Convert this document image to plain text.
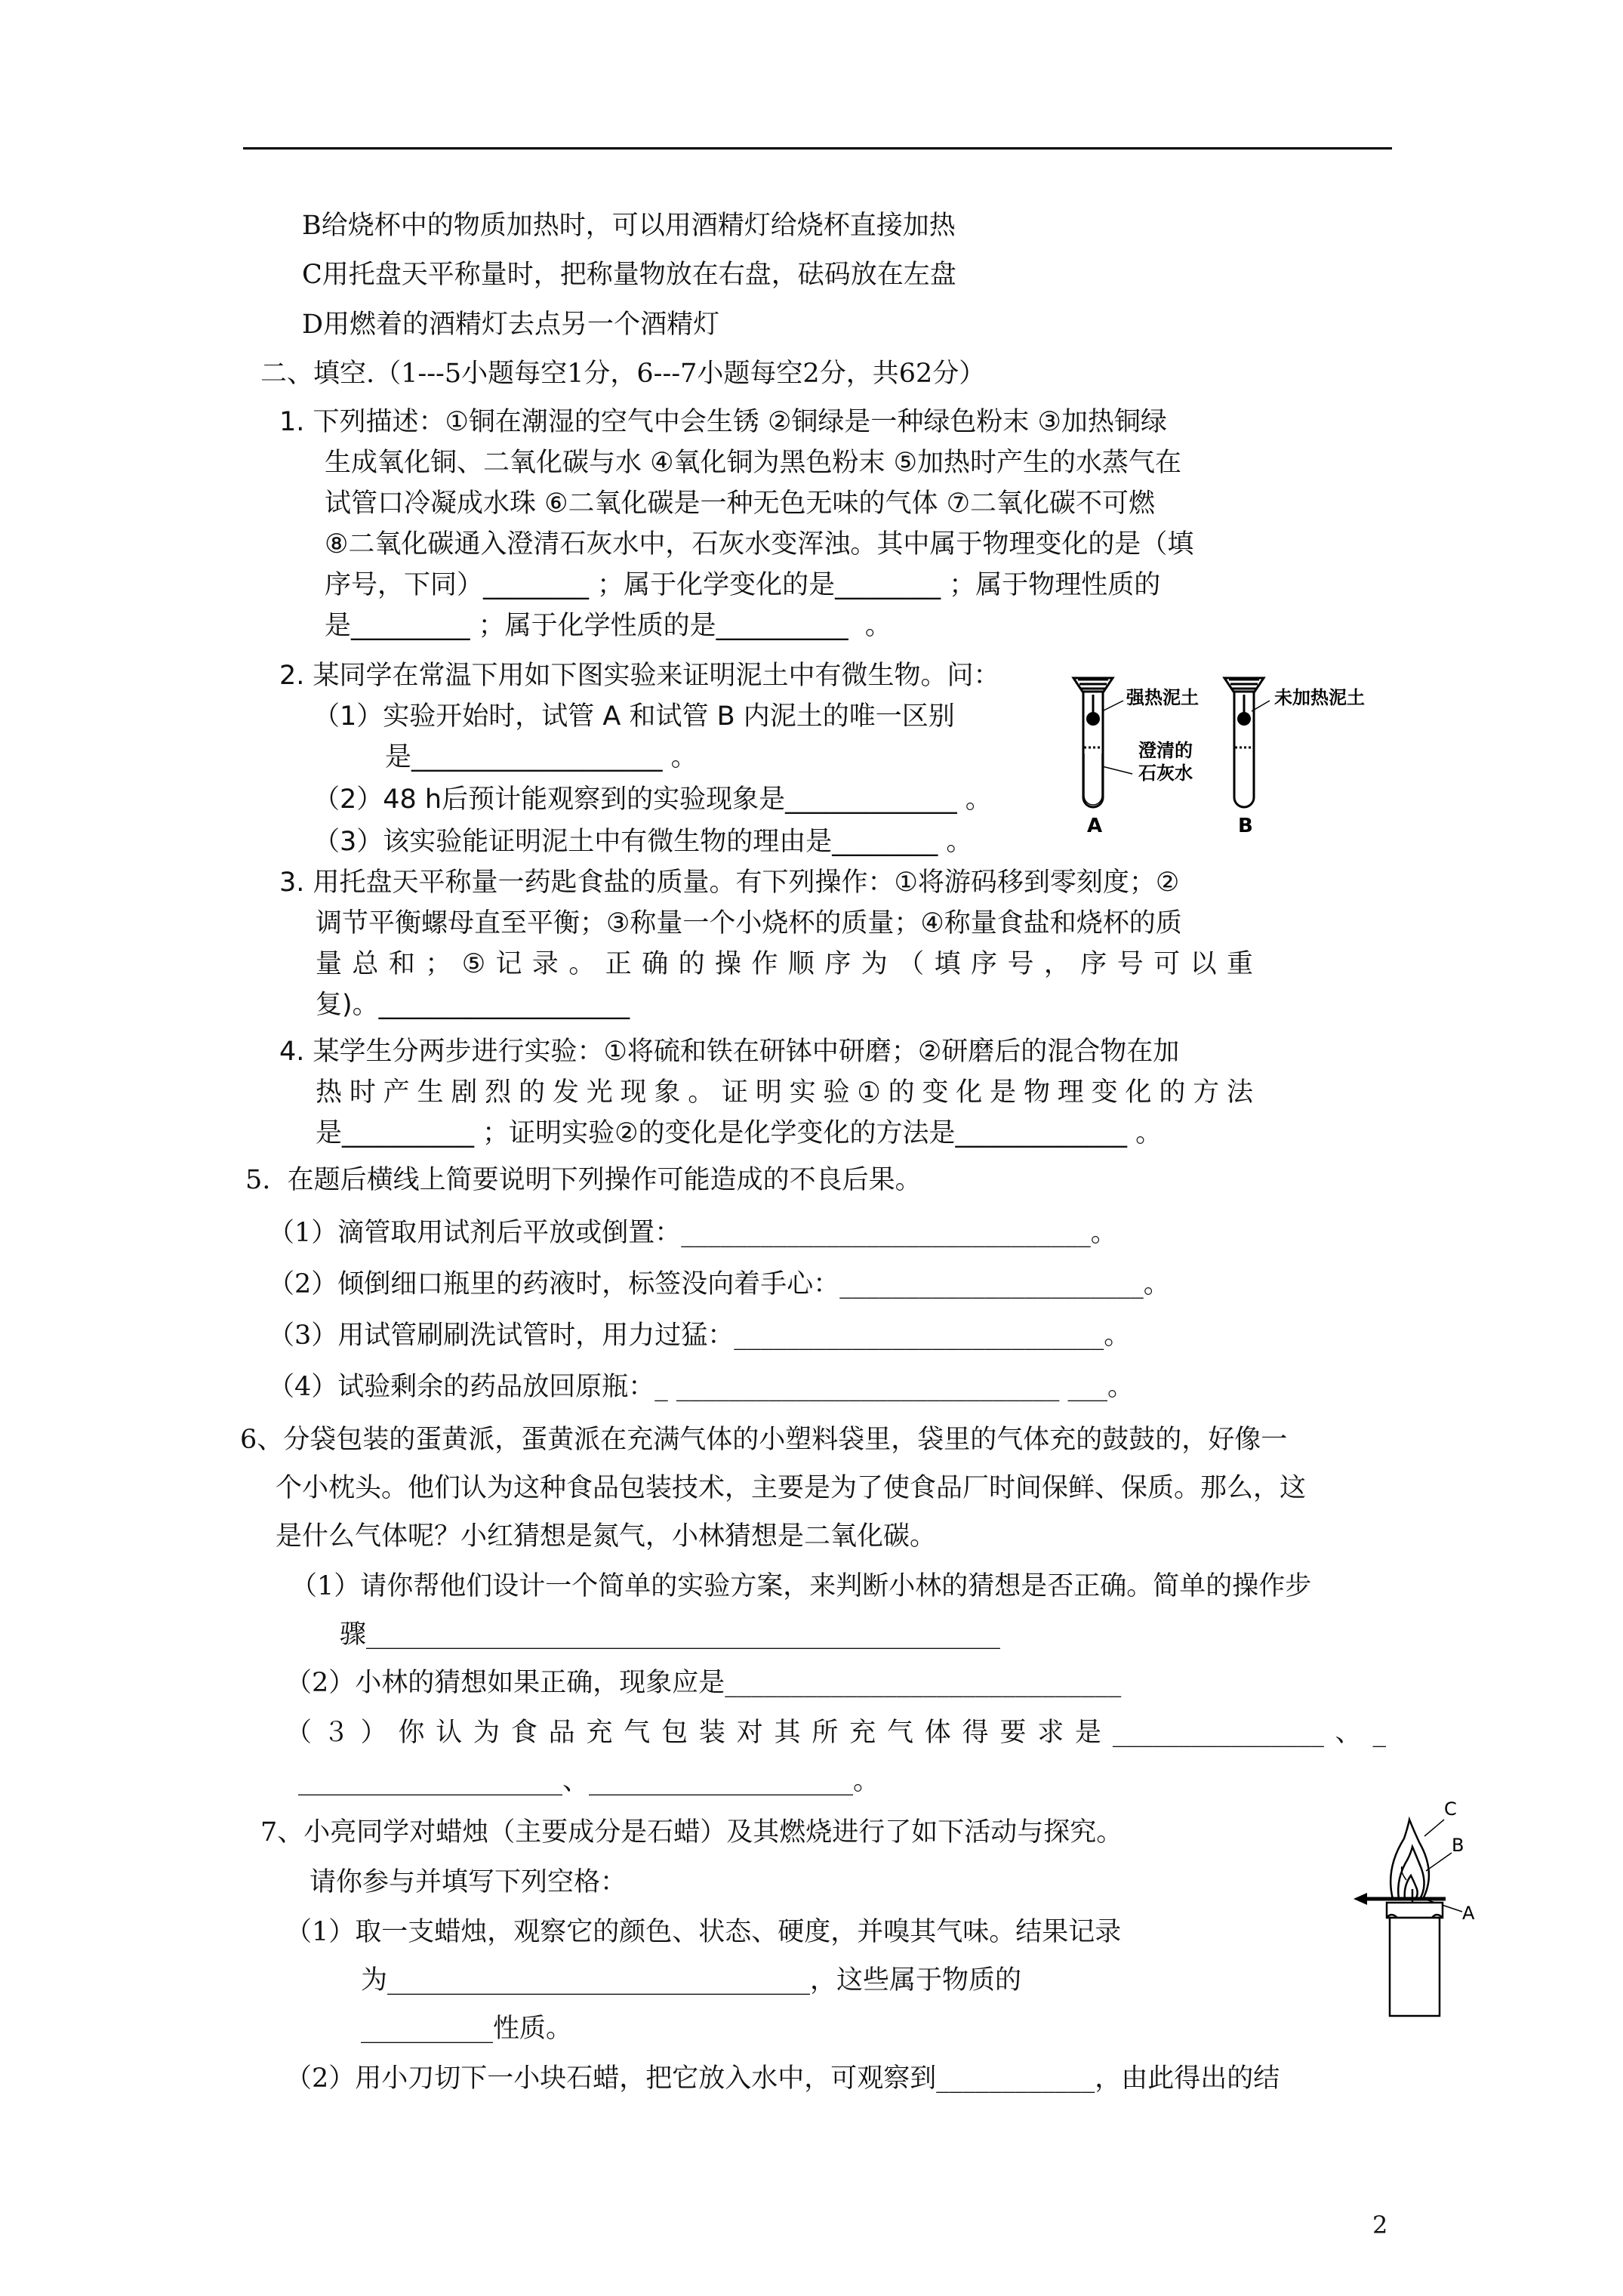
B给烧杯中的物质加热时，可以用酒精灯给烧杯直接加热
C用托盘天平称量时，把称量物放在右盘，砝码放在左盘
D用燃着的酒精灯去点另一个酒精灯
二、填空.（1---5小题每空1分，6---7小题每空2分，共62分）
1. 下列描述：①铜在潮湿的空气中会生锈 ②铜绿是一种绿色粉末 ③加热铜绿
生成氧化铜、二氧化碳与水 ④氧化铜为黑色粉末 ⑤加热时产生的水蒸气在
试管口冷凝成水珠 ⑥二氧化碳是一种无色无味的气体 ⑦二氧化碳不可燃
⑧二氧化碳通入澄清石灰水中，石灰水变浑浊。其中属于物理变化的是（填
序号，下同）________ ；属于化学变化的是________ ；属于物理性质的
是_________ ；属于化学性质的是__________  。
2. 某同学在常温下用如下图实验来证明泥土中有微生物。问：
（1）实验开始时，试管 A 和试管 B 内泥土的唯一区别
是___________________ 。
（2）48 h后预计能观察到的实验现象是_____________ 。
（3）该实验能证明泥土中有微生物的理由是________ 。
强热泥土	未加热泥土
澄清的
石灰水
A	B
3. 用托盘天平称量一药匙食盐的质量。有下列操作：①将游码移到零刻度；②
调节平衡螺母直至平衡；③称量一个小烧杯的质量；④称量食盐和烧杯的质
量总和；⑤记录。正确的操作顺序为（填序号，序号可以重
复)。___________________
4. 某学生分两步进行实验：①将硫和铁在研钵中研磨；②研磨后的混合物在加
热时产生剧烈的发光现象。证明实验①的变化是物理变化的方法
是__________ ；证明实验②的变化是化学变化的方法是_____________ 。
5.  在题后横线上简要说明下列操作可能造成的不良后果。
（1）滴管取用试剂后平放或倒置：_______________________________。
（2）倾倒细口瓶里的药液时，标签没向着手心：_______________________。
（3）用试管刷刷洗试管时，用力过猛：____________________________。
（4）试验剩余的药品放回原瓶：_ _____________________________ ___。
6、分袋包装的蛋黄派，蛋黄派在充满气体的小塑料袋里，袋里的气体充的鼓鼓的，好像一
个小枕头。他们认为这种食品包装技术，主要是为了使食品厂时间保鲜、保质。那么，这
是什么气体呢？小红猜想是氮气，小林猜想是二氧化碳。
（1）请你帮他们设计一个简单的实验方案，来判断小林的猜想是否正确。简单的操作步
骤________________________________________________
（2）小林的猜想如果正确，现象应是______________________________
（３）你认为食品充气包装对其所充气体得要求是________________、_
____________________、____________________。
7、小亮同学对蜡烛（主要成分是石蜡）及其燃烧进行了如下活动与探究。
请你参与并填写下列空格：
（1）取一支蜡烛，观察它的颜色、状态、硬度，并嗅其气味。结果记录
为________________________________，这些属于物质的
__________性质。
（2）用小刀切下一小块石蜡，把它放入水中，可观察到____________，由此得出的结
C
B
A
2
